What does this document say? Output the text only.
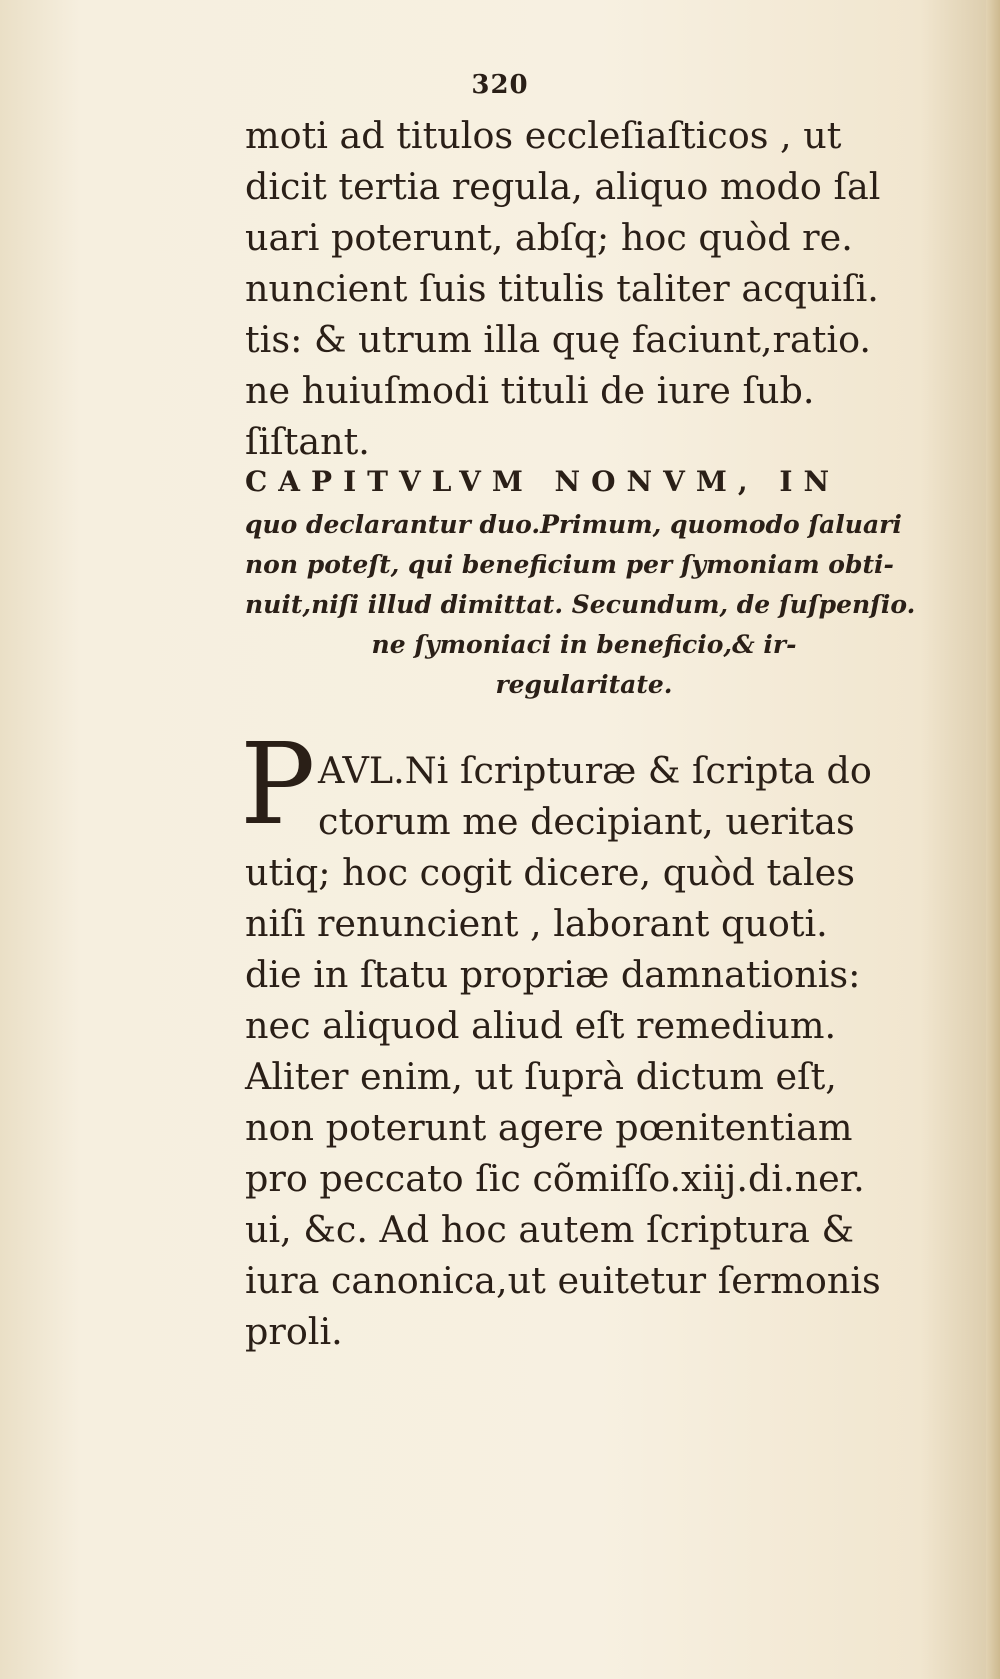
320
moti ad titulos eccleſiaſticos , ut
dicit tertia regula, aliquo modo ſal
uari poterunt, abſq; hoc quòd re.
nuncient ſuis titulis taliter acquiſi.
tis: & utrum illa quę faciunt,ratio.
ne huiuſmodi tituli de iure ſub.
ſiſtant.
CAPITVLVM NONVM, IN
quo declarantur duo.Primum, quomodo ſaluari
non poteſt, qui beneficium per ſymoniam obti-
nuit,niſi illud dimittat. Secundum, de ſuſpenſio.
ne ſymoniaci in beneficio,& ir-
regularitate.
P AVL.Ni ſcripturæ & ſcripta do
ctorum me decipiant, ueritas
utiq; hoc cogit dicere, quòd tales
niſi renuncient , laborant quoti.
die in ſtatu propriæ damnationis:
nec aliquod aliud eſt remedium.
Aliter enim, ut ſuprà dictum eſt,
non poterunt agere pœnitentiam
pro peccato ſic cõmiſſo.xiij.di.ner.
ui, &c. Ad hoc autem ſcriptura &
iura canonica,ut euitetur ſermonis
proli.
